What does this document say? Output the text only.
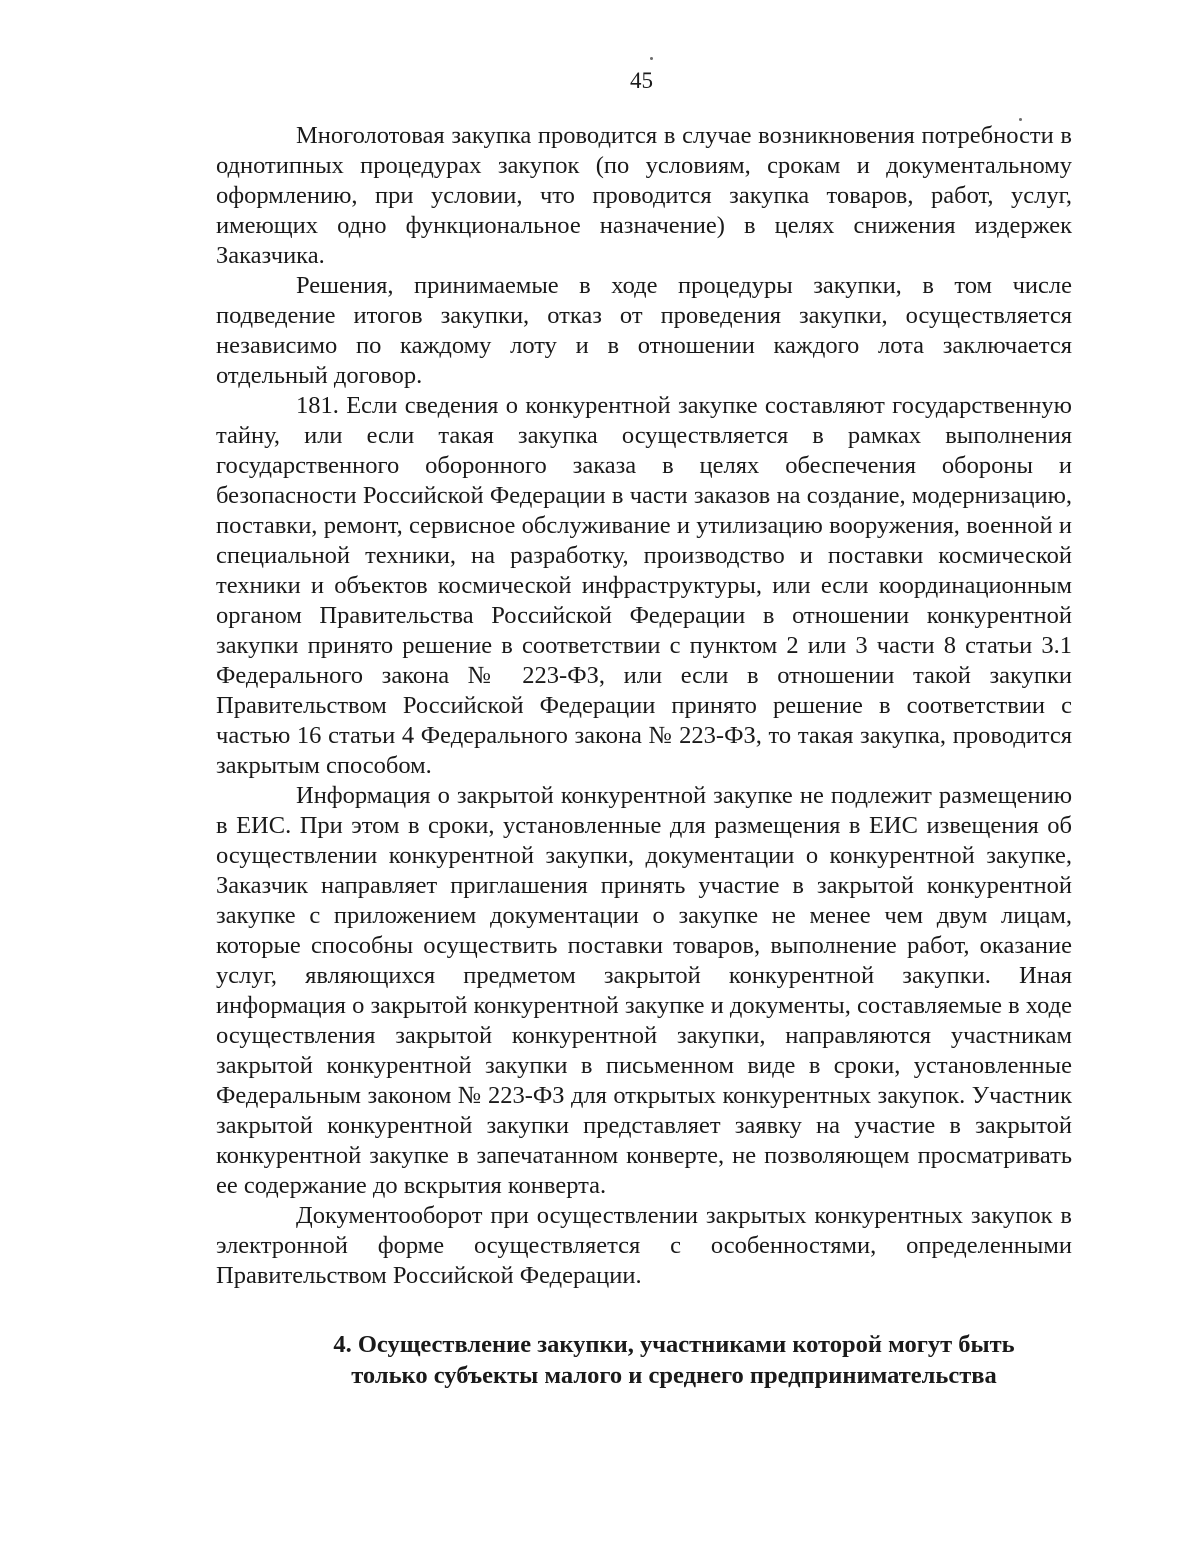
45

Многолотовая закупка проводится в случае возникновения потребности в однотипных процедурах закупок (по условиям, срокам и документальному оформлению, при условии, что проводится закупка товаров, работ, услуг, имеющих одно функциональное назначение) в целях снижения издержек Заказчика.

Решения, принимаемые в ходе процедуры закупки, в том числе подведение итогов закупки, отказ от проведения закупки, осуществляется независимо по каждому лоту и в отношении каждого лота заключается отдельный договор.

181. Если сведения о конкурентной закупке составляют государственную тайну, или если такая закупка осуществляется в рамках выполнения государственного оборонного заказа в целях обеспечения обороны и безопасности Российской Федерации в части заказов на создание, модернизацию, поставки, ремонт, сервисное обслуживание и утилизацию вооружения, военной и специальной техники, на разработку, производство и поставки космической техники и объектов космической инфраструктуры, или если координационным органом Правительства Российской Федерации в отношении конкурентной закупки принято решение в соответствии с пунктом 2 или 3 части 8 статьи 3.1 Федерального закона № 223-ФЗ, или если в отношении такой закупки Правительством Российской Федерации принято решение в соответствии с частью 16 статьи 4 Федерального закона № 223-ФЗ, то такая закупка, проводится закрытым способом.

Информация о закрытой конкурентной закупке не подлежит размещению в ЕИС. При этом в сроки, установленные для размещения в ЕИС извещения об осуществлении конкурентной закупки, документации о конкурентной закупке, Заказчик направляет приглашения принять участие в закрытой конкурентной закупке с приложением документации о закупке не менее чем двум лицам, которые способны осуществить поставки товаров, выполнение работ, оказание услуг, являющихся предметом закрытой конкурентной закупки. Иная информация о закрытой конкурентной закупке и документы, составляемые в ходе осуществления закрытой конкурентной закупки, направляются участникам закрытой конкурентной закупки в письменном виде в сроки, установленные Федеральным законом № 223-ФЗ для открытых конкурентных закупок. Участник закрытой конкурентной закупки представляет заявку на участие в закрытой конкурентной закупке в запечатанном конверте, не позволяющем просматривать ее содержание до вскрытия конверта.

Документооборот при осуществлении закрытых конкурентных закупок в электронной форме осуществляется с особенностями, определенными Правительством Российской Федерации.

4. Осуществление закупки, участниками которой могут быть
только субъекты малого и среднего предпринимательства
